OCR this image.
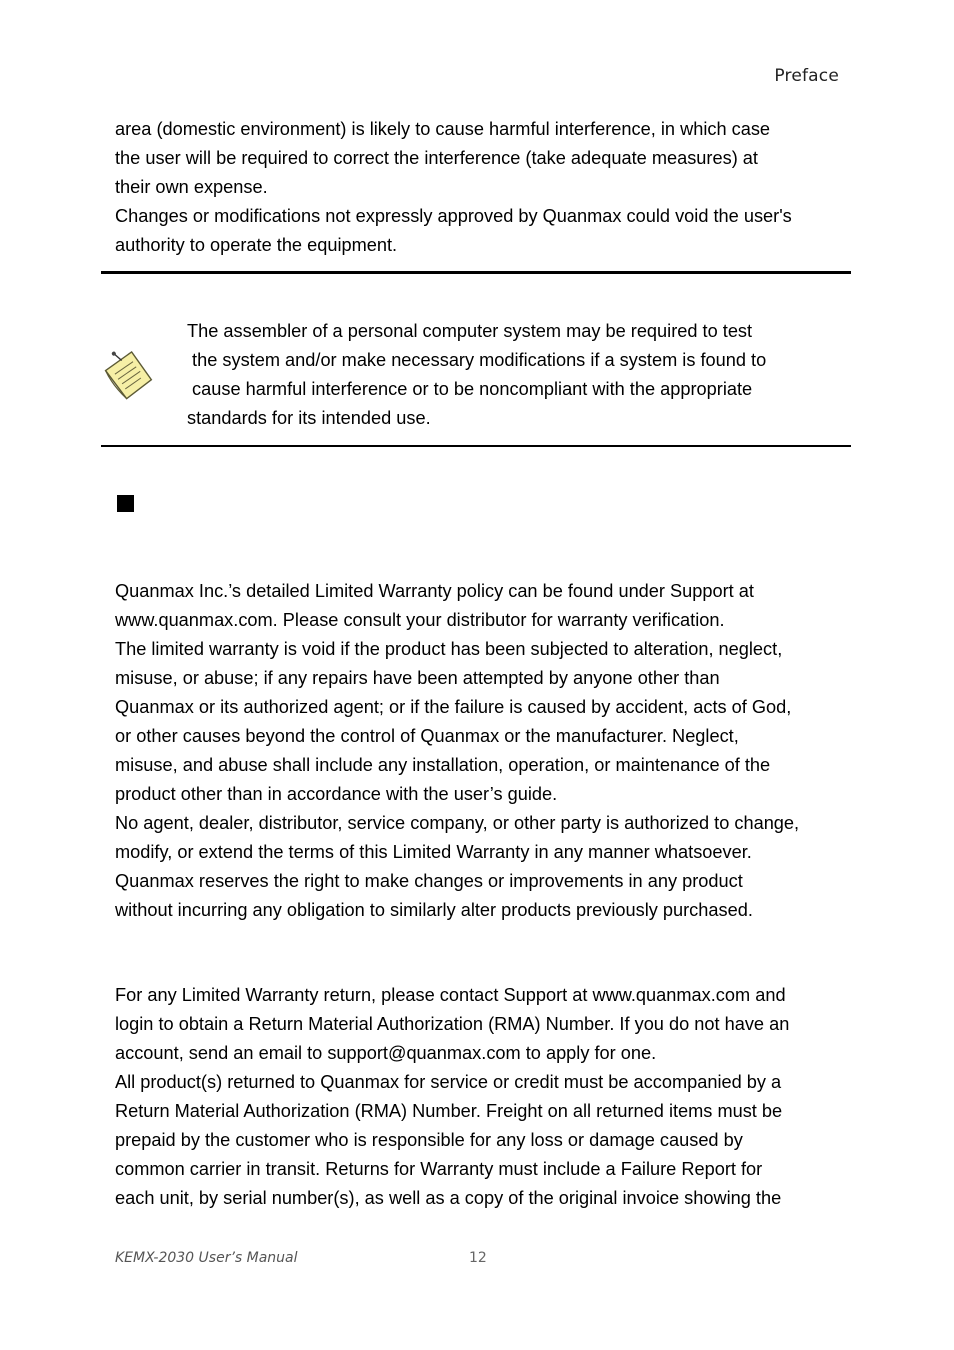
Preface

area (domestic environment) is likely to cause harmful interference, in which case

the user will be required to correct the interference (take adequate measures) at

their own expense.

Changes or modifications not expressly approved by Quanmax could void the user's

authority to operate the equipment.

The assembler of a personal computer system may be required to test

the system and/or make necessary modifications if a system is found to

cause harmful interference or to be noncompliant with the appropriate

standards for its intended use.

Quanmax Inc.’s detailed Limited Warranty policy can be found under Support at

www.quanmax.com. Please consult your distributor for warranty verification.

The limited warranty is void if the product has been subjected to alteration, neglect,

misuse, or abuse; if any repairs have been attempted by anyone other than

Quanmax or its authorized agent; or if the failure is caused by accident, acts of God,

or other causes beyond the control of Quanmax or the manufacturer. Neglect,

misuse, and abuse shall include any installation, operation, or maintenance of the

product other than in accordance with the user’s guide.

No agent, dealer, distributor, service company, or other party is authorized to change,

modify, or extend the terms of this Limited Warranty in any manner whatsoever.

Quanmax reserves the right to make changes or improvements in any product

without incurring any obligation to similarly alter products previously purchased.

For any Limited Warranty return, please contact Support at www.quanmax.com and

login to obtain a Return Material Authorization (RMA) Number. If you do not have an

account, send an email to support@quanmax.com to apply for one.

All product(s) returned to Quanmax for service or credit must be accompanied by a

Return Material Authorization (RMA) Number. Freight on all returned items must be

prepaid by the customer who is responsible for any loss or damage caused by

common carrier in transit. Returns for Warranty must include a Failure Report for

each unit, by serial number(s), as well as a copy of the original invoice showing the

KEMX-2030 User’s Manual	12
